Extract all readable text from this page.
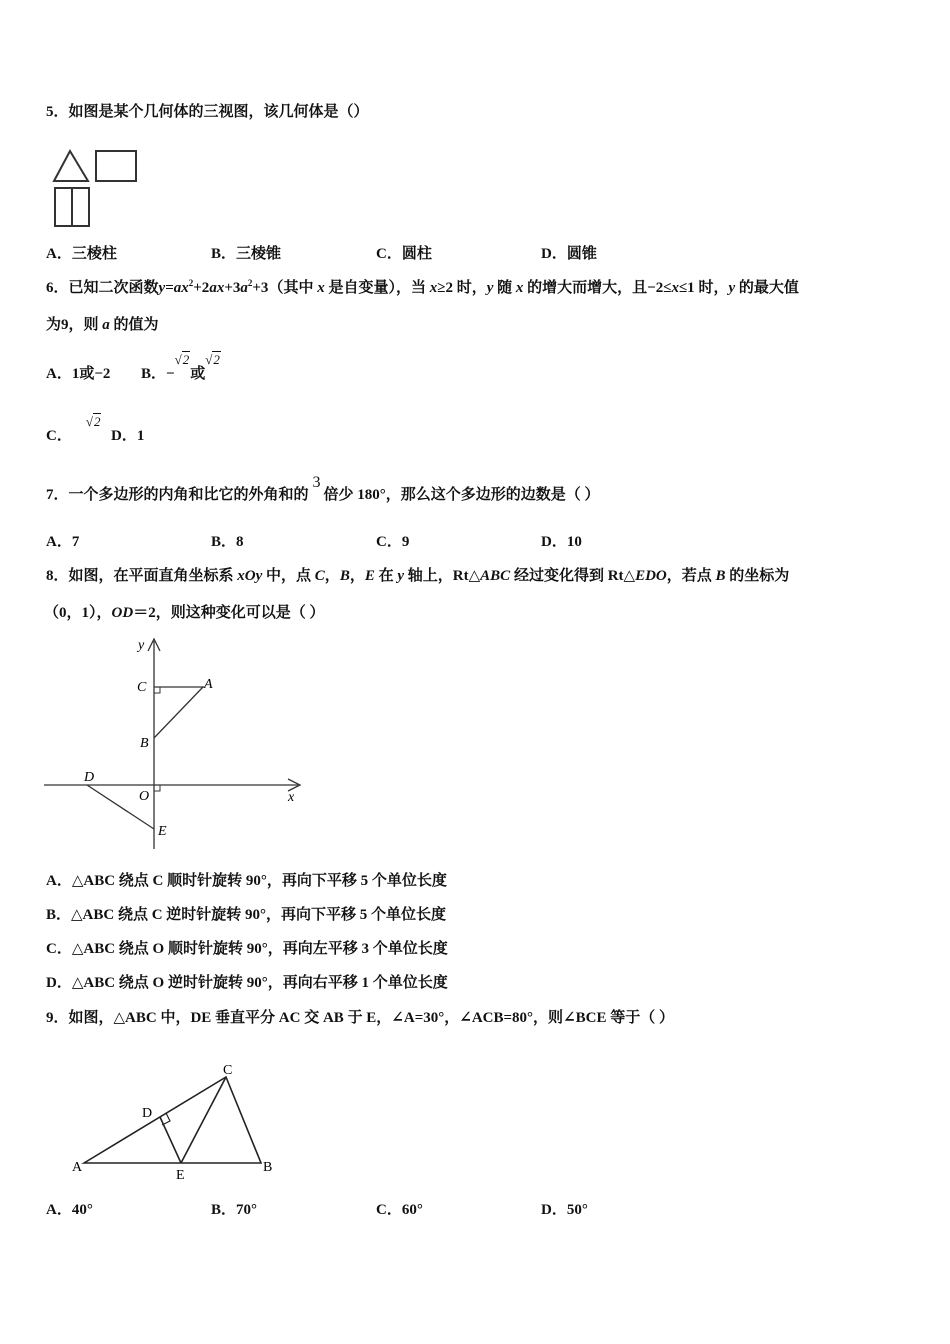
5．如图是某个几何体的三视图，该几何体是（）
A．三棱柱	B．三棱锥	C．圆柱	D．圆锥
6．已知二次函数$y=ax^2+2ax+3a^2+3$（其中 x 是自变量），当 x≥2 时，y 随 x 的增大而增大，且−2≤x≤1 时，y 的最大值
为9，则 a 的值为
A．1或−2 B．−√2或√2
C．√2
D．1
7．一个多边形的内角和比它的外角和的3倍少 180°，那么这个多边形的边数是（ ）
A．7	B．8	C．9	D．10
8．如图，在平面直角坐标系 xOy 中，点 C，B，E 在 y 轴上，Rt△ABC 经过变化得到 Rt△EDO，若点 B 的坐标为
（0，1），OD＝2，则这种变化可以是（ ）
y
x
C	A
B
D
O
E
A．△ABC 绕点 C 顺时针旋转 90°，再向下平移 5 个单位长度
B．△ABC 绕点 C 逆时针旋转 90°，再向下平移 5 个单位长度
C．△ABC 绕点 O 顺时针旋转 90°，再向左平移 3 个单位长度
D．△ABC 绕点 O 逆时针旋转 90°，再向右平移 1 个单位长度
9．如图，△ABC 中，DE 垂直平分 AC 交 AB 于 E，∠A=30°，∠ACB=80°，则∠BCE 等于（ ）
A	B
C
D
E
A．40°	B．70°	C．60°	D．50°
